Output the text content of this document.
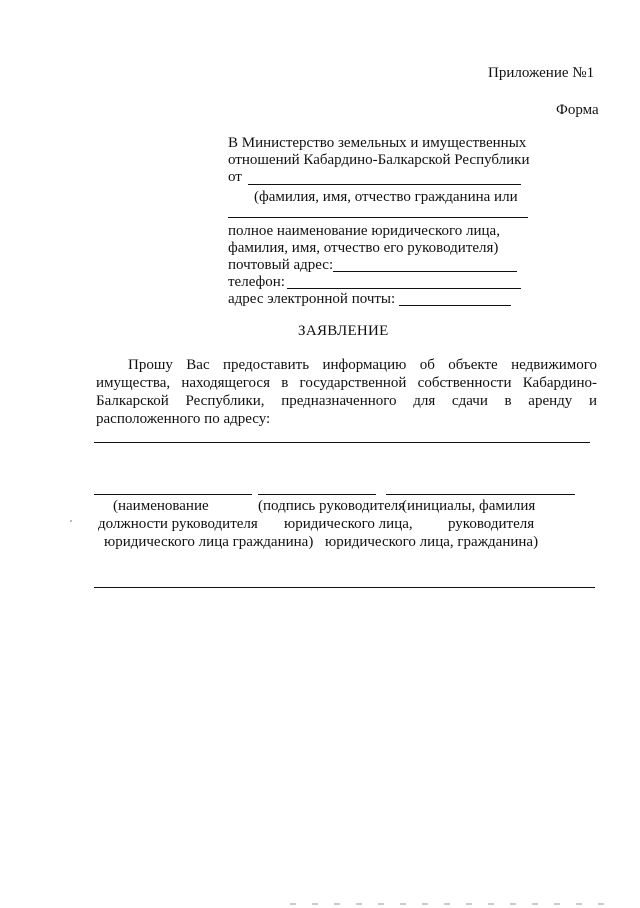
Приложение №1
Форма
В Министерство земельных и имущественных
отношений Кабардино-Балкарской Республики
от
(фамилия, имя, отчество гражданина или
полное наименование юридического лица,
фамилия, имя, отчество его руководителя)
почтовый адрес:
телефон:
адрес электронной почты:
ЗАЯВЛЕНИЕ
Прошу Вас предоставить информацию об объекте недвижимого
имущества, находящегося в государственной собственности Кабардино-
Балкарской Республики, предназначенного для сдачи в аренду и
расположенного по адресу:
(наименование	(подпись руководителя
(инициалы, фамилия
должности руководителя юридического лица, руководителя
юридического лица гражданина) юридического лица, гражданина)
